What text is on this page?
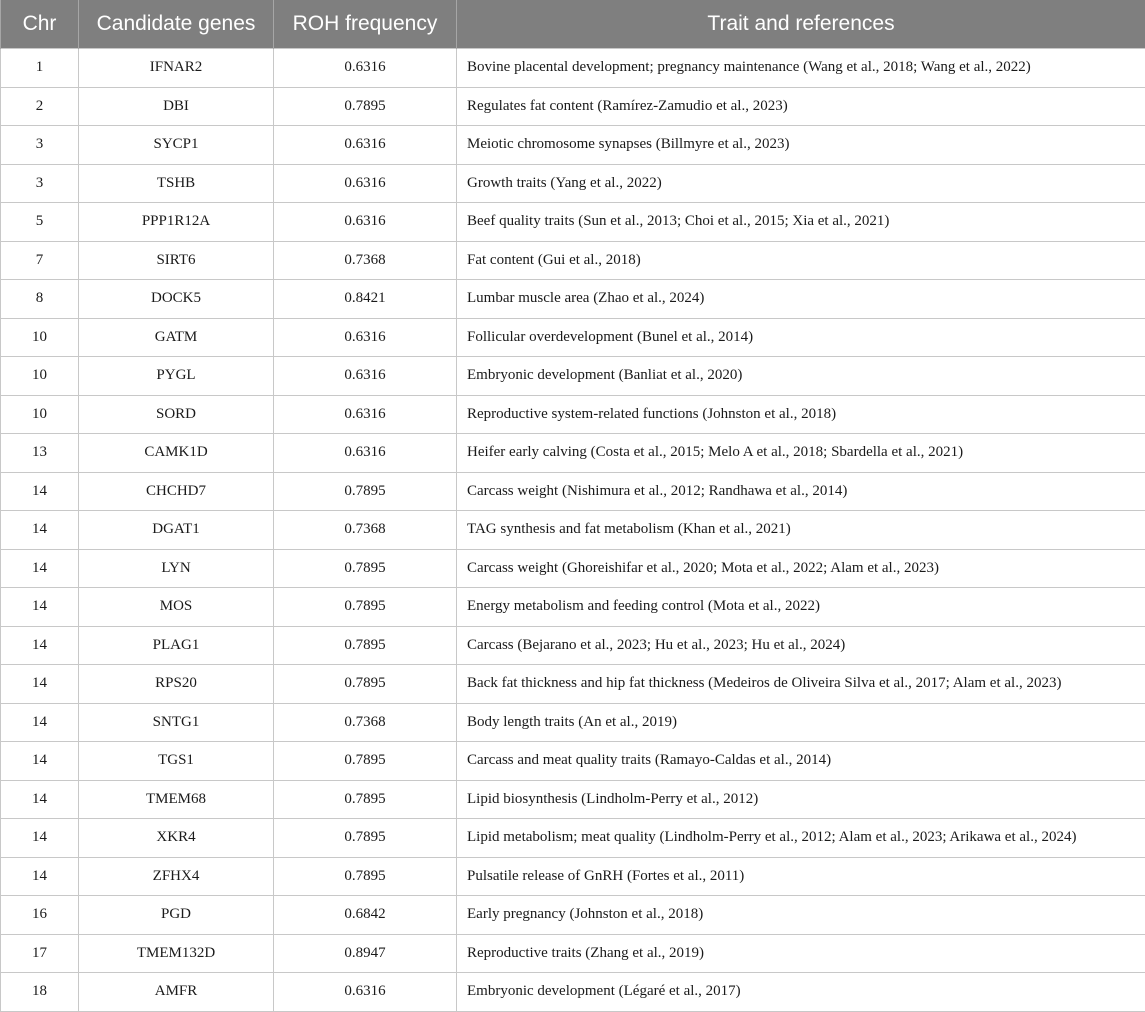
Chr	Candidate genes	ROH frequency	Trait and references
1	IFNAR2	0.6316	Bovine placental development; pregnancy maintenance (Wang et al., 2018; Wang et al., 2022)
2	DBI	0.7895	Regulates fat content (Ramírez-Zamudio et al., 2023)
3	SYCP1	0.6316	Meiotic chromosome synapses (Billmyre et al., 2023)
3	TSHB	0.6316	Growth traits (Yang et al., 2022)
5	PPP1R12A	0.6316	Beef quality traits (Sun et al., 2013; Choi et al., 2015; Xia et al., 2021)
7	SIRT6	0.7368	Fat content (Gui et al., 2018)
8	DOCK5	0.8421	Lumbar muscle area (Zhao et al., 2024)
10	GATM	0.6316	Follicular overdevelopment (Bunel et al., 2014)
10	PYGL	0.6316	Embryonic development (Banliat et al., 2020)
10	SORD	0.6316	Reproductive system-related functions (Johnston et al., 2018)
13	CAMK1D	0.6316	Heifer early calving (Costa et al., 2015; Melo A et al., 2018; Sbardella et al., 2021)
14	CHCHD7	0.7895	Carcass weight (Nishimura et al., 2012; Randhawa et al., 2014)
14	DGAT1	0.7368	TAG synthesis and fat metabolism (Khan et al., 2021)
14	LYN	0.7895	Carcass weight (Ghoreishifar et al., 2020; Mota et al., 2022; Alam et al., 2023)
14	MOS	0.7895	Energy metabolism and feeding control (Mota et al., 2022)
14	PLAG1	0.7895	Carcass (Bejarano et al., 2023; Hu et al., 2023; Hu et al., 2024)
14	RPS20	0.7895	Back fat thickness and hip fat thickness (Medeiros de Oliveira Silva et al., 2017; Alam et al., 2023)
14	SNTG1	0.7368	Body length traits (An et al., 2019)
14	TGS1	0.7895	Carcass and meat quality traits (Ramayo-Caldas et al., 2014)
14	TMEM68	0.7895	Lipid biosynthesis (Lindholm-Perry et al., 2012)
14	XKR4	0.7895	Lipid metabolism; meat quality (Lindholm-Perry et al., 2012; Alam et al., 2023; Arikawa et al., 2024)
14	ZFHX4	0.7895	Pulsatile release of GnRH (Fortes et al., 2011)
16	PGD	0.6842	Early pregnancy (Johnston et al., 2018)
17	TMEM132D	0.8947	Reproductive traits (Zhang et al., 2019)
18	AMFR	0.6316	Embryonic development (Légaré et al., 2017)
